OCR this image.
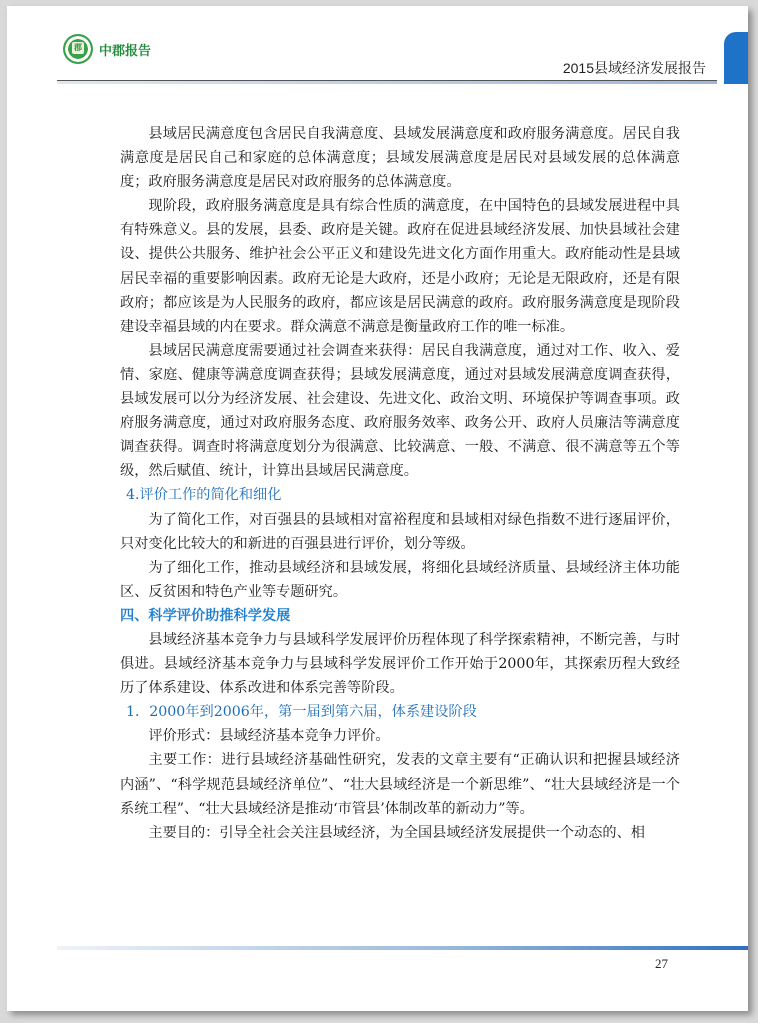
郡 中郡报告
2015县域经济发展报告

县域居民满意度包含居民自我满意度、县域发展满意度和政府服务满意度。居民自我满意度是居民自己和家庭的总体满意度；县域发展满意度是居民对县域发展的总体满意度；政府服务满意度是居民对政府服务的总体满意度。

现阶段，政府服务满意度是具有综合性质的满意度，在中国特色的县域发展进程中具有特殊意义。县的发展，县委、政府是关键。政府在促进县域经济发展、加快县域社会建设、提供公共服务、维护社会公平正义和建设先进文化方面作用重大。政府能动性是县域居民幸福的重要影响因素。政府无论是大政府，还是小政府；无论是无限政府，还是有限政府；都应该是为人民服务的政府，都应该是居民满意的政府。政府服务满意度是现阶段建设幸福县域的内在要求。群众满意不满意是衡量政府工作的唯一标准。

县域居民满意度需要通过社会调查来获得：居民自我满意度，通过对工作、收入、爱情、家庭、健康等满意度调查获得；县域发展满意度，通过对县域发展满意度调查获得，县域发展可以分为经济发展、社会建设、先进文化、政治文明、环境保护等调查事项。政府服务满意度，通过对政府服务态度、政府服务效率、政务公开、政府人员廉洁等满意度调查获得。调查时将满意度划分为很满意、比较满意、一般、不满意、很不满意等五个等级，然后赋值、统计，计算出县域居民满意度。

4.评价工作的简化和细化

为了简化工作，对百强县的县域相对富裕程度和县域相对绿色指数不进行逐届评价，只对变化比较大的和新进的百强县进行评价，划分等级。

为了细化工作，推动县域经济和县域发展，将细化县域经济质量、县域经济主体功能区、反贫困和特色产业等专题研究。

四、科学评价助推科学发展

县域经济基本竞争力与县域科学发展评价历程体现了科学探索精神，不断完善，与时俱进。县域经济基本竞争力与县域科学发展评价工作开始于2000年，其探索历程大致经历了体系建设、体系改进和体系完善等阶段。

1．2000年到2006年，第一届到第六届，体系建设阶段

评价形式：县域经济基本竞争力评价。

主要工作：进行县域经济基础性研究，发表的文章主要有“正确认识和把握县域经济内涵”、“科学规范县域经济单位”、“壮大县域经济是一个新思维”、“壮大县域经济是一个系统工程”、“壮大县域经济是推动‘市管县’体制改革的新动力”等。

主要目的：引导全社会关注县域经济，为全国县域经济发展提供一个动态的、相

27
